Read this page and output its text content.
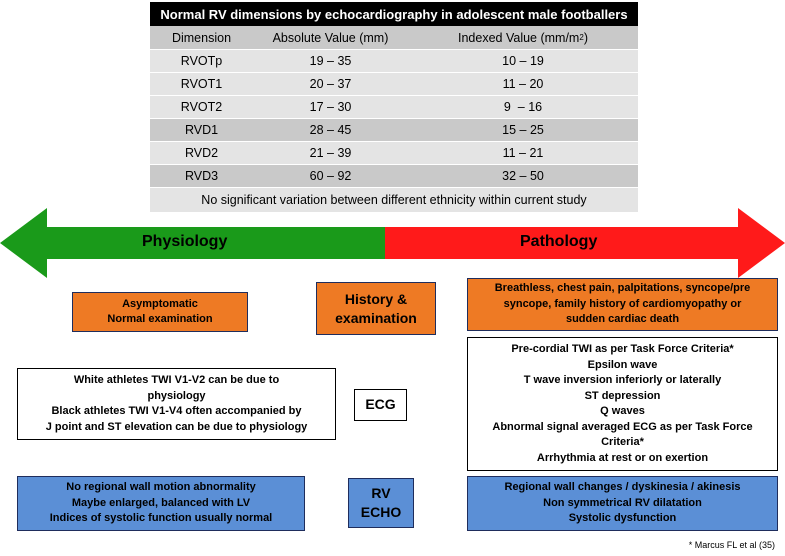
Normal RV dimensions by echocardiography in adolescent male footballers
Dimension	Absolute Value (mm)	Indexed Value (mm/m 2 )
RVOTp	19 – 35	10 – 19
RVOT1	20 – 37	11 – 20
RVOT2	17 – 30	9  – 16
RVD1	28 – 45	15 – 25
RVD2	21 – 39	11 – 21
RVD3	60 – 92	32 – 50
No significant variation between different ethnicity within current study
Physiology	Pathology
History &
examination
ECG
RV
ECHO
Asymptomatic
Normal examination
White athletes TWI V1-V2 can be due to
physiology
Black athletes TWI V1-V4 often accompanied by
J point and ST elevation can be due to physiology
No regional wall motion abnormality
Maybe enlarged, balanced with LV
Indices of systolic function usually normal
Breathless, chest pain, palpitations, syncope/pre
syncope, family history of cardiomyopathy or
sudden cardiac death
Pre-cordial TWI as per Task Force Criteria*
Epsilon wave
T wave inversion inferiorly or laterally
ST depression
Q waves
Abnormal signal averaged ECG as per Task Force
Criteria*
Arrhythmia at rest or on exertion
Regional wall changes / dyskinesia / akinesis
Non symmetrical RV dilatation
Systolic dysfunction
* Marcus FL et al (35)
